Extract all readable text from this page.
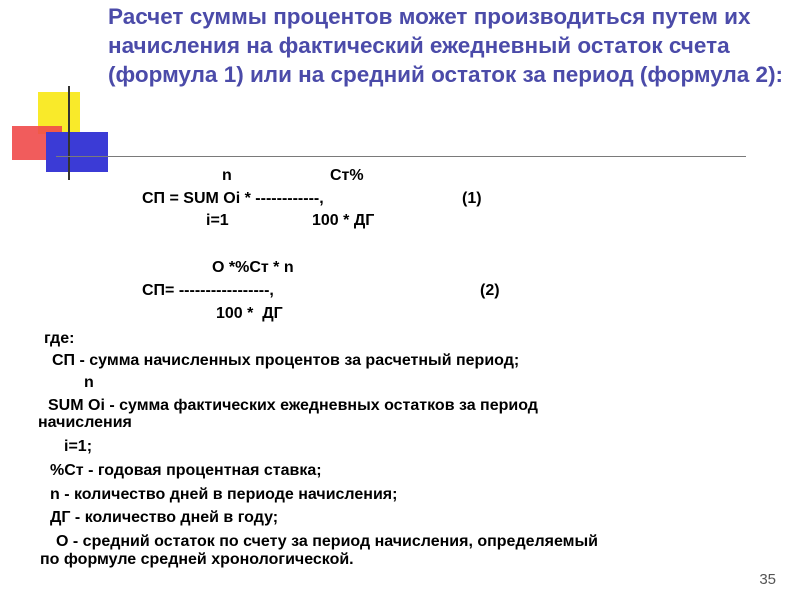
Расчет суммы процентов может производиться путем их начисления на фактический ежедневный остаток счета (формула 1) или на средний остаток за период (формула 2):
n	Ст%
СП = SUM Oi * ------------,	(1)
i=1	100 * ДГ
О *%Ст * n
СП= -----------------,	(2)
100 *  ДГ
где:
СП - сумма начисленных процентов за расчетный период;
n
SUM Oi - сумма фактических ежедневных остатков за период
начисления
i=1;
%Ст - годовая процентная ставка;
n - количество дней в периоде начисления;
ДГ - количество дней в году;
О - средний остаток по счету за период начисления, определяемый
по формуле средней хронологической.
35
